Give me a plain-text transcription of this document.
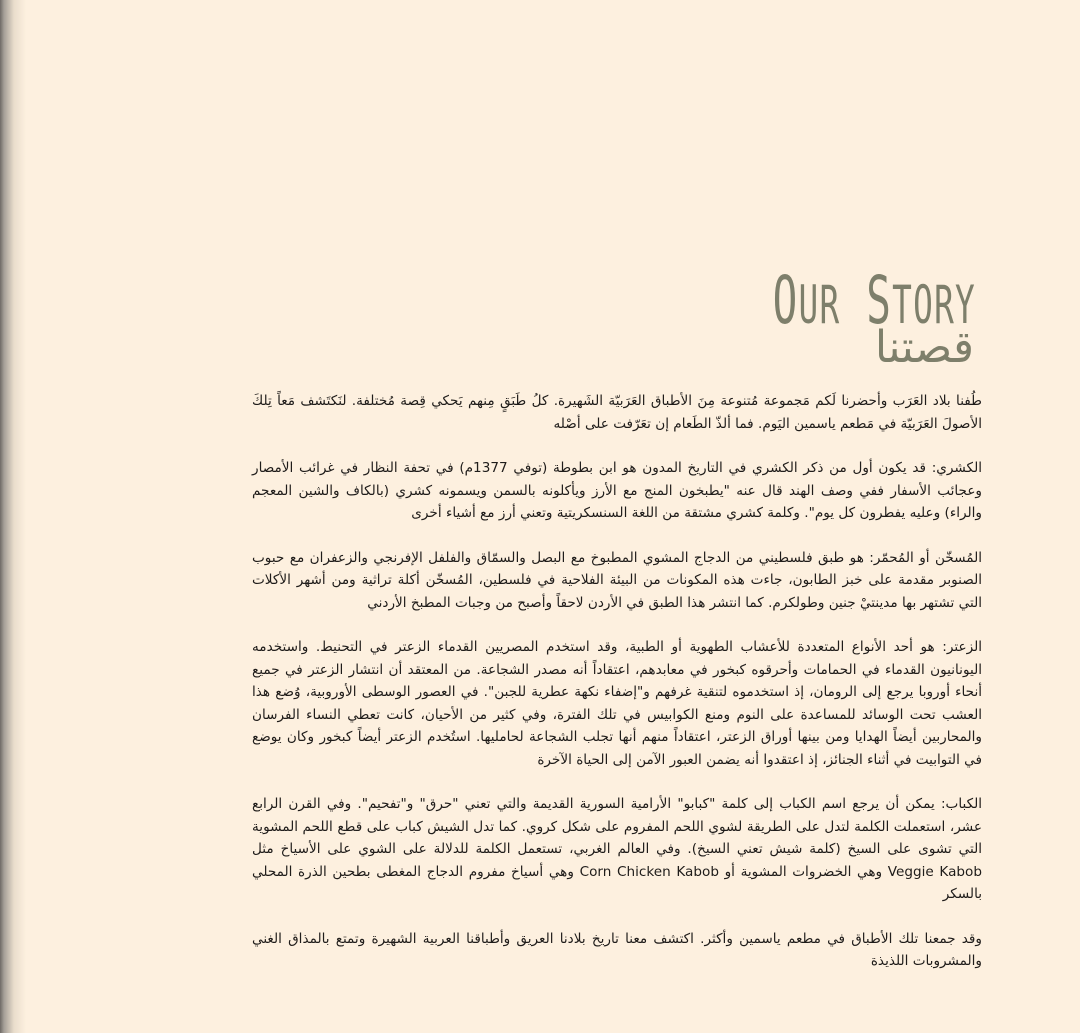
OUR STORY
قصتنا

طُفنا بلاد العَرَب وأحضرنا لَكم مَجموعة مُتنوعة مِنَ الأطباق العَرَبيّة الشَهيرة. كلُ طَبَقٍ مِنهم يَحكي قِصة مُختلفة. لنَكتَشف مَعاً تِلكَ الأصولَ العَرَبيّة في مَطعم ياسمين اليَوم. فما ألذّ الطَعام إن تعَرّفت على أصْله

الكشري: قد يكون أول من ذكر الكشري في التاريخ المدون هو ابن بطوطة (توفي 1377م) في تحفة النظار في غرائب الأمصار وعجائب الأسفار ففي وصف الهند قال عنه "يطبخون المنج مع الأرز ويأكلونه بالسمن ويسمونه كشري (بالكاف والشين المعجم والراء) وعليه يفطرون كل يوم". وكلمة كشري مشتقة من اللغة السنسكريتية وتعني أرز مع أشياء أخرى

المُسخّن أو المُحمّر: هو طبق فلسطيني من الدجاج المشوي المطبوخ مع البصل والسمّاق والفلفل الإفرنجي والزعفران مع حبوب الصنوبر مقدمة على خبز الطابون، جاءت هذه المكونات من البيئة الفلاحية في فلسطين، المُسخّن أكلة تراثية ومن أشهر الأكلات التي تشتهر بها مدينتيْ جنين وطولكرم. كما انتشر هذا الطبق في الأردن لاحقاً وأصبح من وجبات المطبخ الأردني

الزعتر: هو أحد الأنواع المتعددة للأعشاب الطهوية أو الطبية، وقد استخدم المصريين القدماء الزعتر في التحنيط. واستخدمه اليونانيون القدماء في الحمامات وأحرقوه كبخور في معابدهم، اعتقاداً أنه مصدر الشجاعة. من المعتقد أن انتشار الزعتر في جميع أنحاء أوروبا يرجع إلى الرومان، إذ استخدموه لتنقية غرفهم و"إضفاء نكهة عطرية للجبن". في العصور الوسطى الأوروبية، وُضع هذا العشب تحت الوسائد للمساعدة على النوم ومنع الكوابيس في تلك الفترة، وفي كثير من الأحيان، كانت تعطي النساء الفرسان والمحاربين أيضاً الهدايا ومن بينها أوراق الزعتر، اعتقاداً منهم أنها تجلب الشجاعة لحامليها. استُخدم الزعتر أيضاً كبخور وكان يوضع في التوابيت في أثناء الجنائز، إذ اعتقدوا أنه يضمن العبور الآمن إلى الحياة الآخرة

الكباب: يمكن أن يرجع اسم الكباب إلى كلمة "كبابو" الأرامية السورية القديمة والتي تعني "حرق" و"تفحيم". وفي القرن الرابع عشر، استعملت الكلمة لتدل على الطريقة لشوي اللحم المفروم على شكل كروي. كما تدل الشيش كباب على قطع اللحم المشوية التي تشوى على السيخ (كلمة شيش تعني السيخ). وفي العالم الغربي، تستعمل الكلمة للدلالة على الشوي على الأسياخ مثل Veggie Kabob وهي الخضروات المشوية أو Corn Chicken Kabob وهي أسياخ مفروم الدجاج المغطى بطحين الذرة المحلي بالسكر

وقد جمعنا تلك الأطباق في مطعم ياسمين وأكثر. اكتشف معنا تاريخ بلادنا العريق وأطباقنا العربية الشهيرة وتمتع بالمذاق الغني والمشروبات اللذيذة
